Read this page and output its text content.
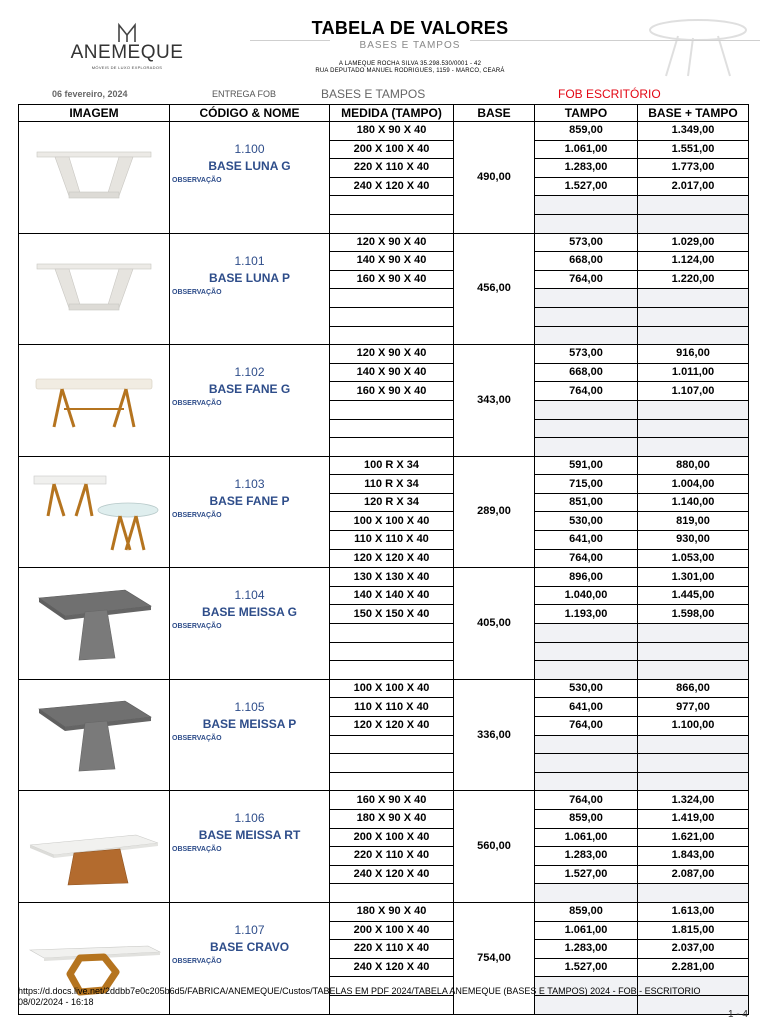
ANEMEQUE
MÓVEIS DE LUXO EXPLORADOS
TABELA DE VALORES
BASES E TAMPOS
A LAMEQUE ROCHA SILVA 35.298.530/0001 - 42
RUA DEPUTADO MANUEL RODRIGUES, 1159 - MARCO, CEARÁ
06 fevereiro, 2024	ENTREGA FOB	BASES E TAMPOS	FOB ESCRITÓRIO
IMAGEM	CÓDIGO & NOME	MEDIDA (TAMPO)	BASE	TAMPO	BASE + TAMPO

1.100
BASE LUNA G
OBSERVAÇÃO	180 X 90 X 40	490,00	859,00	1.349,00
		200 X 100 X 40		1.061,00	1.551,00
		220 X 110 X 40		1.283,00	1.773,00
		240 X 120 X 40		1.527,00	2.017,00

1.101
BASE LUNA P
OBSERVAÇÃO	120 X 90 X 40	456,00	573,00	1.029,00
		140 X 90 X 40		668,00	1.124,00
		160 X 90 X 40		764,00	1.220,00

1.102
BASE FANE G
OBSERVAÇÃO	120 X 90 X 40	343,00	573,00	916,00
		140 X 90 X 40		668,00	1.011,00
		160 X 90 X 40		764,00	1.107,00

1.103
BASE FANE P
OBSERVAÇÃO	100 R X 34	289,00	591,00	880,00
		110 R X 34		715,00	1.004,00
		120 R X 34		851,00	1.140,00
		100 X 100 X 40		530,00	819,00
		110 X 110 X 40		641,00	930,00
		120 X 120 X 40		764,00	1.053,00

1.104
BASE MEISSA G
OBSERVAÇÃO	130 X 130 X 40	405,00	896,00	1.301,00
		140 X 140 X 40		1.040,00	1.445,00
		150 X 150 X 40		1.193,00	1.598,00

1.105
BASE MEISSA P
OBSERVAÇÃO	100 X 100 X 40	336,00	530,00	866,00
		110 X 110 X 40		641,00	977,00
		120 X 120 X 40		764,00	1.100,00

1.106
BASE MEISSA RT
OBSERVAÇÃO	160 X 90 X 40	560,00	764,00	1.324,00
		180 X 90 X 40		859,00	1.419,00
		200 X 100 X 40		1.061,00	1.621,00
		220 X 110 X 40		1.283,00	1.843,00
		240 X 120 X 40		1.527,00	2.087,00

1.107
BASE CRAVO
OBSERVAÇÃO	180 X 90 X 40	754,00	859,00	1.613,00
		200 X 100 X 40		1.061,00	1.815,00
		220 X 110 X 40		1.283,00	2.037,00
		240 X 120 X 40		1.527,00	2.281,00

https://d.docs.live.net/2ddbb7e0c205b6d5/FABRICA/ANEMEQUE/Custos/TABELAS EM PDF 2024/TABELA ANEMEQUE (BASES E TAMPOS) 2024 - FOB - ESCRITORIO
08/02/2024 - 16:18
1 - 4
